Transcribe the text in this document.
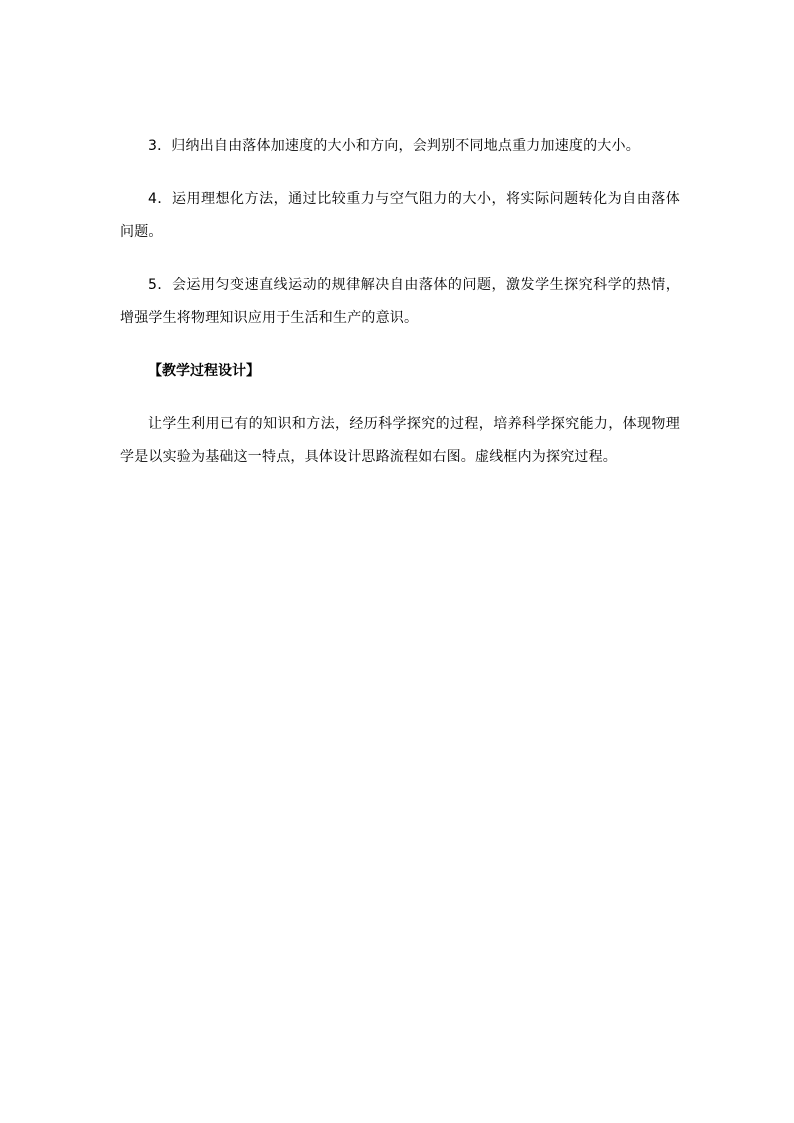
3．归纳出自由落体加速度的大小和方向，会判别不同地点重力加速度的大小。

4．运用理想化方法，通过比较重力与空气阻力的大小，将实际问题转化为自由落体问题。

5．会运用匀变速直线运动的规律解决自由落体的问题，激发学生探究科学的热情，增强学生将物理知识应用于生活和生产的意识。

【教学过程设计】

让学生利用已有的知识和方法，经历科学探究的过程，培养科学探究能力，体现物理学是以实验为基础这一特点，具体设计思路流程如右图。虚线框内为探究过程。
